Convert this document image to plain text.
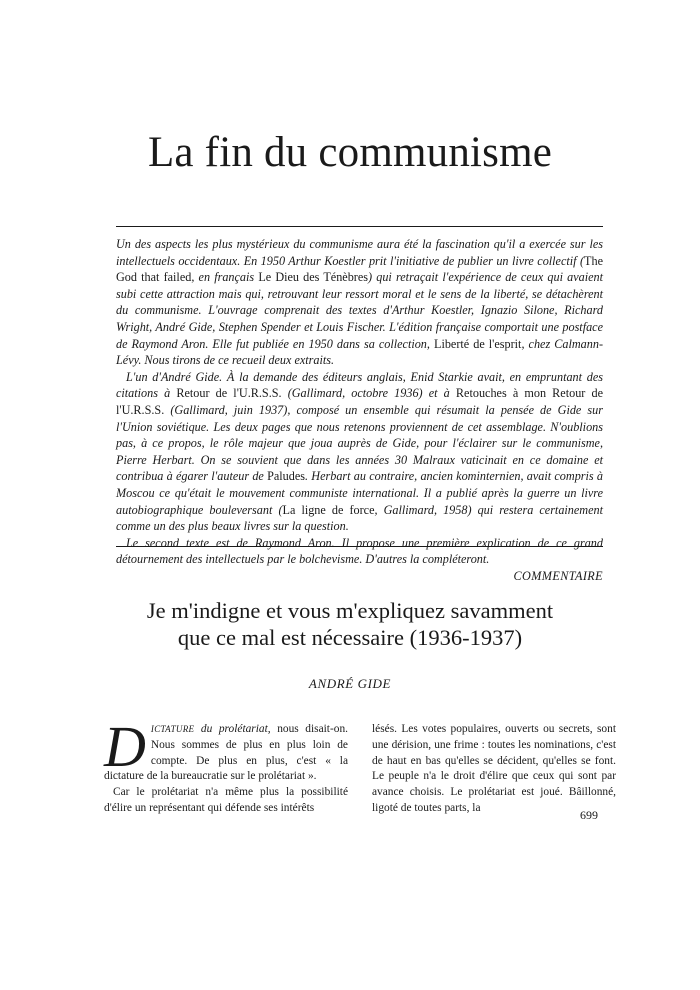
La fin du communisme

Un des aspects les plus mystérieux du communisme aura été la fascination qu'il a exercée sur les intellectuels occidentaux. En 1950 Arthur Koestler prit l'initiative de publier un livre collectif (The God that failed, en français Le Dieu des Ténèbres) qui retraçait l'expérience de ceux qui avaient subi cette attraction mais qui, retrouvant leur ressort moral et le sens de la liberté, se détachèrent du communisme. L'ouvrage comprenait des textes d'Arthur Koestler, Ignazio Silone, Richard Wright, André Gide, Stephen Spender et Louis Fischer. L'édition française comportait une postface de Raymond Aron. Elle fut publiée en 1950 dans sa collection, Liberté de l'esprit, chez Calmann-Lévy. Nous tirons de ce recueil deux extraits.

L'un d'André Gide. À la demande des éditeurs anglais, Enid Starkie avait, en empruntant des citations à Retour de l'U.R.S.S. (Gallimard, octobre 1936) et à Retouches à mon Retour de l'U.R.S.S. (Gallimard, juin 1937), composé un ensemble qui résumait la pensée de Gide sur l'Union soviétique. Les deux pages que nous retenons proviennent de cet assemblage. N'oublions pas, à ce propos, le rôle majeur que joua auprès de Gide, pour l'éclairer sur le communisme, Pierre Herbart. On se souvient que dans les années 30 Malraux vaticinait en ce domaine et contribua à égarer l'auteur de Paludes. Herbart au contraire, ancien kominternien, avait compris à Moscou ce qu'était le mouvement communiste international. Il a publié après la guerre un livre autobiographique bouleversant (La ligne de force, Gallimard, 1958) qui restera certainement comme un des plus beaux livres sur la question.

Le second texte est de Raymond Aron. Il propose une première explication de ce grand détournement des intellectuels par le bolchevisme. D'autres la compléteront.

COMMENTAIRE

Je m'indigne et vous m'expliquez savamment
que ce mal est nécessaire (1936-1937)
ANDRÉ GIDE

DICTATURE du prolétariat, nous disait-on. Nous sommes de plus en plus loin de compte. De plus en plus, c'est « la dictature de la bureaucratie sur le prolétariat ».

Car le prolétariat n'a même plus la possibilité d'élire un représentant qui défende ses intérêts

lésés. Les votes populaires, ouverts ou secrets, sont une dérision, une frime : toutes les nominations, c'est de haut en bas qu'elles se décident, qu'elles se font. Le peuple n'a le droit d'élire que ceux qui sont par avance choisis. Le prolétariat est joué. Bâillonné, ligoté de toutes parts, la

699
